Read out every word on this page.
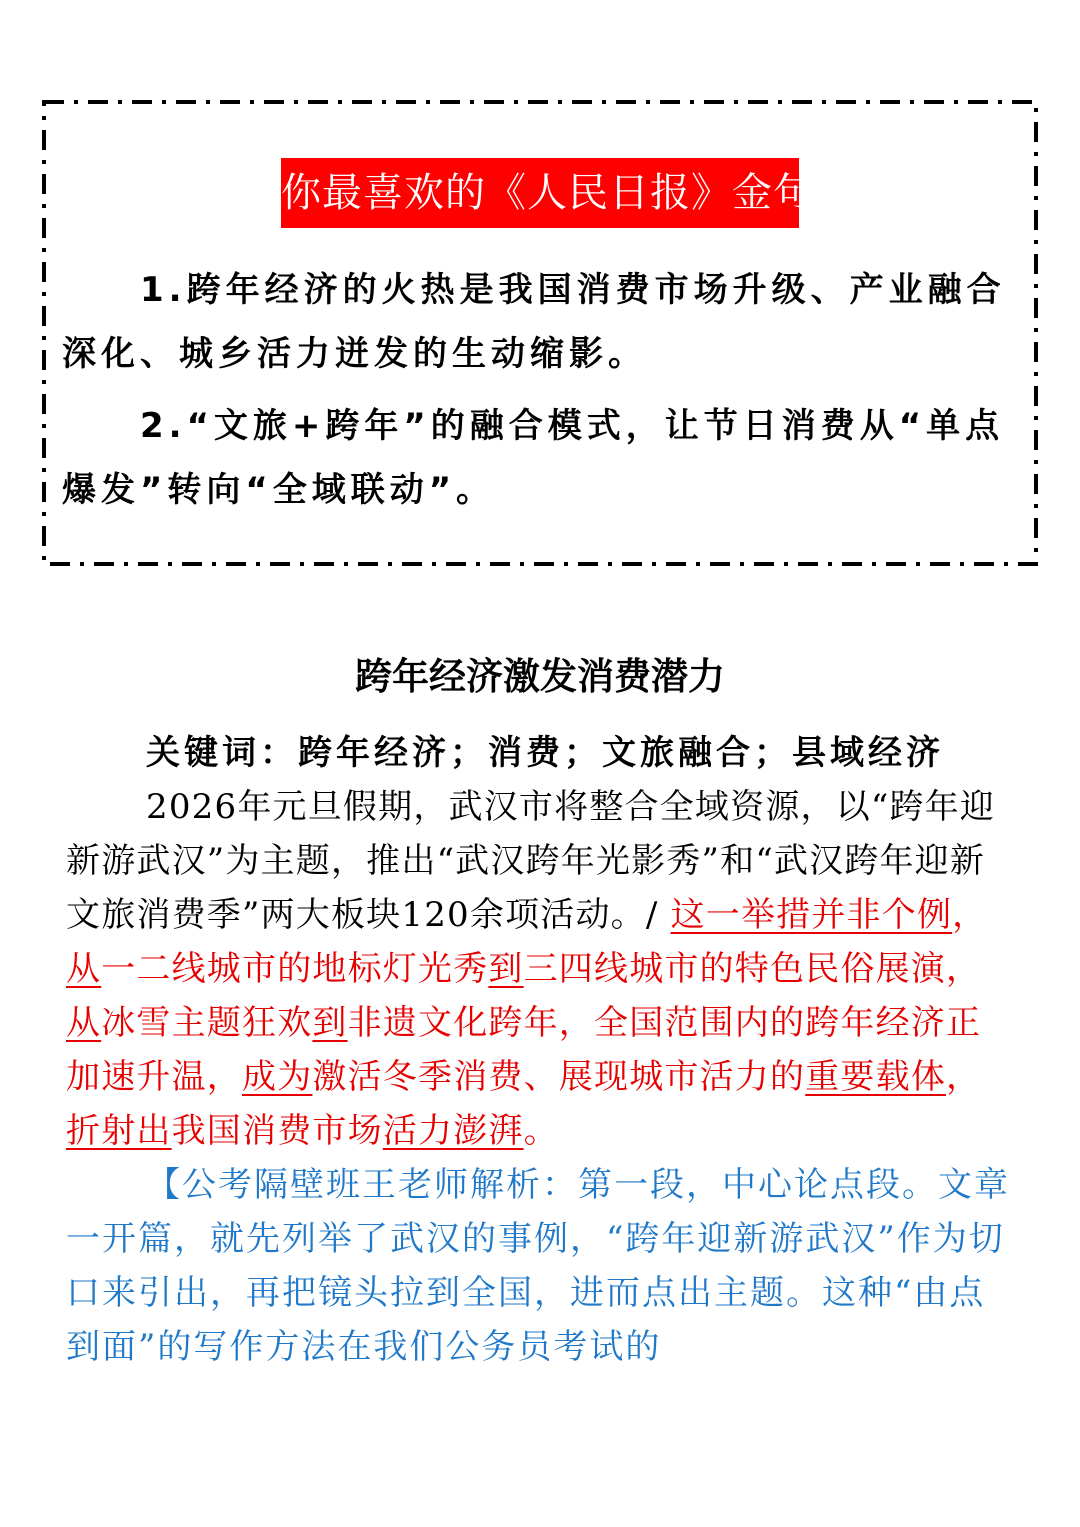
你最喜欢的《人民日报》金句
1.跨年经济的火热是我国消费市场升级、产业融合深化、城乡活力迸发的生动缩影。
2.“文旅+跨年”的融合模式，让节日消费从“单点爆发”转向“全域联动”。
跨年经济激发消费潜力

关键词：跨年经济；消费；文旅融合；县域经济

2026年元旦假期，武汉市将整合全域资源，以“跨年迎新游武汉”为主题，推出“武汉跨年光影秀”和“武汉跨年迎新文旅消费季”两大板块120余项活动。/ 这一举措并非个例，从一二线城市的地标灯光秀到三四线城市的特色民俗展演，从冰雪主题狂欢到非遗文化跨年，全国范围内的跨年经济正加速升温，成为激活冬季消费、展现城市活力的重要载体，折射出我国消费市场活力澎湃。

【公考隔壁班王老师解析：第一段，中心论点段。文章一开篇，就先列举了武汉的事例，“跨年迎新游武汉”作为切口来引出，再把镜头拉到全国，进而点出主题。这种“由点到面”的写作方法在我们公务员考试的
